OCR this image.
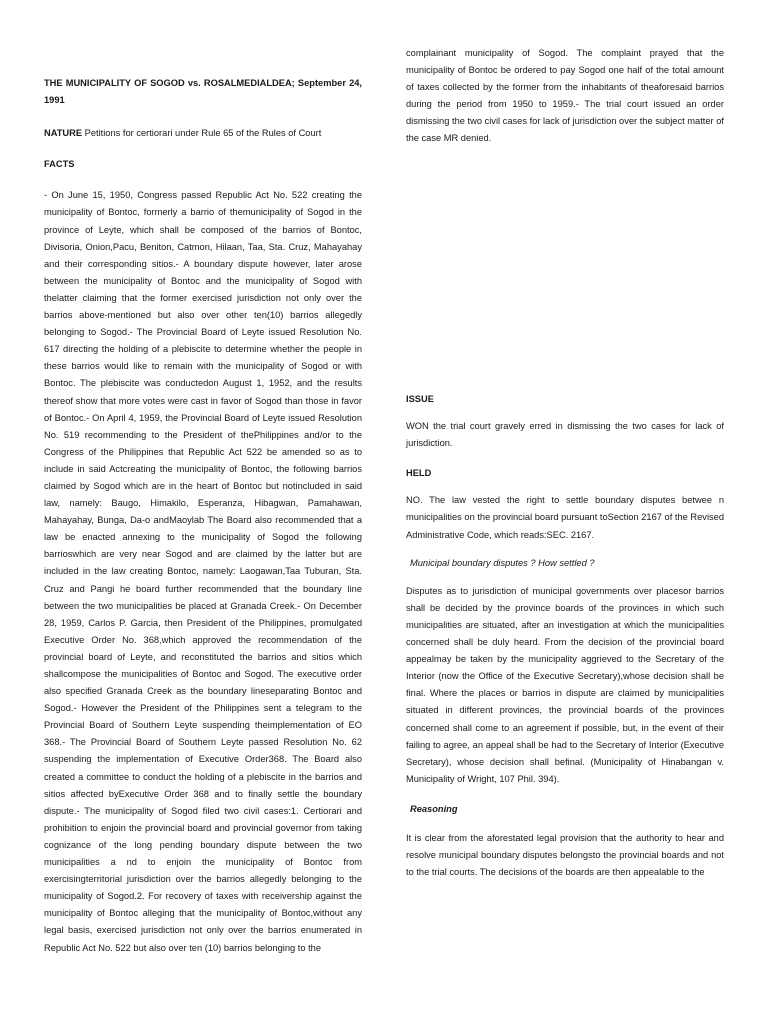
THE MUNICIPALITY OF SOGOD vs. ROSALMEDIALDEA; September 24, 1991

NATURE Petitions for certiorari under Rule 65 of the Rules of Court

FACTS

- On June 15, 1950, Congress passed Republic Act No. 522 creating the municipality of Bontoc, formerly a barrio of themunicipality of Sogod in the province of Leyte, which shall be composed of the barrios of Bontoc, Divisoria, Onion,Pacu, Beniton, Catmon, Hilaan, Taa, Sta. Cruz, Mahayahay and their corresponding sitios.- A boundary dispute however, later arose between the municipality of Bontoc and the municipality of Sogod with thelatter claiming that the former exercised jurisdiction not only over the barrios above-mentioned but also over other ten(10) barrios allegedly belonging to Sogod.- The Provincial Board of Leyte issued Resolution No. 617 directing the holding of a plebiscite to determine whether the people in these barrios would like to remain with the municipality of Sogod or with Bontoc. The plebiscite was conductedon August 1, 1952, and the results thereof show that more votes were cast in favor of Sogod than those in favor of Bontoc.- On April 4, 1959, the Provincial Board of Leyte issued Resolution No. 519 recommending to the President of thePhilippines and/or to the Congress of the Philippines that Republic Act 522 be amended so as to include in said Actcreating the municipality of Bontoc, the following barrios claimed by Sogod which are in the heart of Bontoc but notincluded in said law, namely: Baugo, Himakilo, Esperanza, Hibagwan, Pamahawan, Mahayahay, Bunga, Da-o andMaoylab The Board also recommended that a law be enacted annexing to the municipality of Sogod the following barrioswhich are very near Sogod and are claimed by the latter but are included in the law creating Bontoc, namely: Laogawan,Taa Tuburan, Sta. Cruz and Pangi he board further recommended that the boundary line between the two municipalities be placed at Granada Creek.- On December 28, 1959, Carlos P. Garcia, then President of the Philippines, promulgated Executive Order No. 368,which approved the recommendation of the provincial board of Leyte, and reconstituted the barrios and sitios which shallcompose the municipalities of Bontoc and Sogod. The executive order also specified Granada Creek as the boundary lineseparating Bontoc and Sogod.- However the President of the Philippines sent a telegram to the Provincial Board of Southern Leyte suspending theimplementation of EO 368.- The Provincial Board of Southern Leyte passed Resolution No. 62 suspending the implementation of Executive Order368. The Board also created a committee to conduct the holding of a plebiscite in the barrios and sitios affected byExecutive Order 368 and to finally settle the boundary dispute.- The municipality of Sogod filed two civil cases:1. Certiorari and prohibition to enjoin the provincial board and provincial governor from taking cognizance of the long pending boundary dispute between the two municipalities a nd to enjoin the municipality of Bontoc from exercisingterritorial jurisdiction over the barrios allegedly belonging to the municipality of Sogod.2. For recovery of taxes with receivership against the municipality of Bontoc alleging that the municipality of Bontoc,without any legal basis, exercised jurisdiction not only over the barrios enumerated in Republic Act No. 522 but also over ten (10) barrios belonging to the

complainant municipality of Sogod. The complaint prayed that the municipality of Bontoc be ordered to pay Sogod one half of the total amount of taxes collected by the former from the inhabitants of theaforesaid barrios during the period from 1950 to 1959.- The trial court issued an order dismissing the two civil cases for lack of jurisdiction over the subject matter of the case MR denied.

ISSUE

WON the trial court gravely erred in dismissing the two cases for lack of jurisdiction.

HELD

NO. The law vested the right to settle boundary disputes betwee n municipalities on the provincial board pursuant toSection 2167 of the Revised Administrative Code, which reads:SEC. 2167.

Municipal boundary disputes ? How settled ?

Disputes as to jurisdiction of municipal governments over placesor barrios shall be decided by the province boards of the provinces in which such municipalities are situated, after an investigation at which the municipalities concerned shall be duly heard. From the decision of the provincial board appealmay be taken by the municipality aggrieved to the Secretary of the Interior (now the Office of the Executive Secretary),whose decision shall be final. Where the places or barrios in dispute are claimed by municipalities situated in different provinces, the provincial boards of the provinces concerned shall come to an agreement if possible, but, in the event of their failing to agree, an appeal shall be had to the Secretary of Interior (Executive Secretary), whose decision shall befinal. (Municipality of Hinabangan v. Municipality of Wright, 107 Phil. 394).

Reasoning

It is clear from the aforestated legal provision that the authority to hear and resolve municipal boundary disputes belongsto the provincial boards and not to the trial courts. The decisions of the boards are then appealable to the
